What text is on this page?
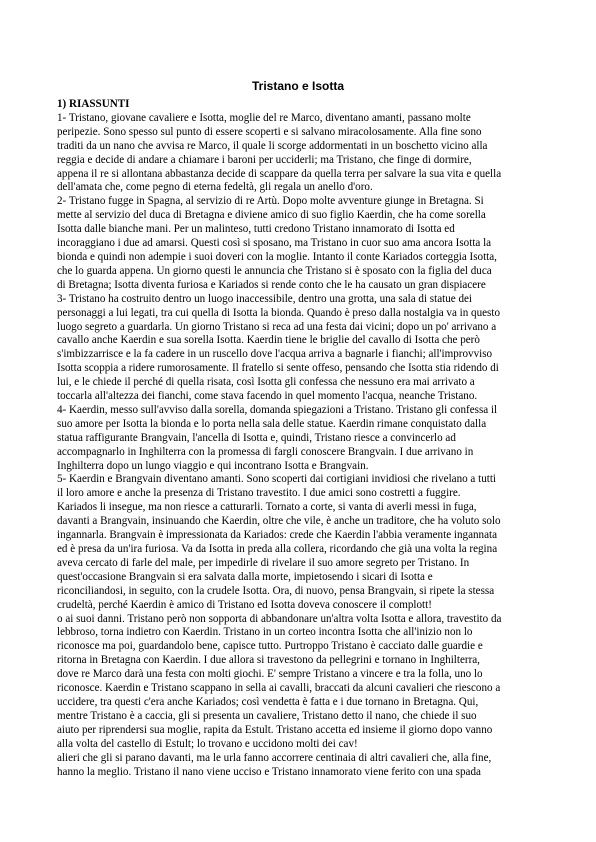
Tristano e Isotta
1) RIASSUNTI
1- Tristano, giovane cavaliere e Isotta, moglie del re Marco, diventano amanti, passano molte
peripezie. Sono spesso sul punto di essere scoperti e si salvano miracolosamente. Alla fine sono
traditi da un nano che avvisa re Marco, il quale li scorge addormentati in un boschetto vicino alla
reggia e decide di andare a chiamare i baroni per ucciderli; ma Tristano, che finge di dormire,
appena il re si allontana abbastanza decide di scappare da quella terra per salvare la sua vita e quella
dell'amata che, come pegno di eterna fedeltà, gli regala un anello d'oro.
2- Tristano fugge in Spagna, al servizio di re Artù. Dopo molte avventure giunge in Bretagna. Si
mette al servizio del duca di Bretagna e diviene amico di suo figlio Kaerdin, che ha come sorella
Isotta dalle bianche mani. Per un malinteso, tutti credono Tristano innamorato di Isotta ed
incoraggiano i due ad amarsi. Questi così si sposano, ma Tristano in cuor suo ama ancora Isotta la
bionda e quindi non adempie i suoi doveri con la moglie. Intanto il conte Kariados corteggia Isotta,
che lo guarda appena. Un giorno questi le annuncia che Tristano si è sposato con la figlia del duca
di Bretagna; Isotta diventa furiosa e Kariados si rende conto che le ha causato un gran dispiacere
3- Tristano ha costruito dentro un luogo inaccessibile, dentro una grotta, una sala di statue dei
personaggi a lui legati, tra cui quella di Isotta la bionda. Quando è preso dalla nostalgia va in questo
luogo segreto a guardarla. Un giorno Tristano si reca ad una festa dai vicini; dopo un po' arrivano a
cavallo anche Kaerdin e sua sorella Isotta. Kaerdin tiene le briglie del cavallo di Isotta che però
s'imbizzarrisce e la fa cadere in un ruscello dove l'acqua arriva a bagnarle i fianchi; all'improvviso
Isotta scoppia a ridere rumorosamente. Il fratello si sente offeso, pensando che Isotta stia ridendo di
lui, e le chiede il perché di quella risata, così Isotta gli confessa che nessuno era mai arrivato a
toccarla all'altezza dei fianchi, come stava facendo in quel momento l'acqua, neanche Tristano.
4- Kaerdin, messo sull'avviso dalla sorella, domanda spiegazioni a Tristano. Tristano gli confessa il
suo amore per Isotta la bionda e lo porta nella sala delle statue. Kaerdin rimane conquistato dalla
statua raffigurante Brangvain, l'ancella di Isotta e, quindi, Tristano riesce a convincerlo ad
accompagnarlo in Inghilterra con la promessa di fargli conoscere Brangvain. I due arrivano in
Inghilterra dopo un lungo viaggio e qui incontrano Isotta e Brangvain.
5- Kaerdin e Brangvain diventano amanti. Sono scoperti dai cortigiani invidiosi che rivelano a tutti
il loro amore e anche la presenza di Tristano travestito. I due amici sono costretti a fuggire.
Kariados li insegue, ma non riesce a catturarli. Tornato a corte, si vanta di averli messi in fuga,
davanti a Brangvain, insinuando che Kaerdin, oltre che vile, è anche un traditore, che ha voluto solo
ingannarla. Brangvain è impressionata da Kariados: crede che Kaerdin l'abbia veramente ingannata
ed è presa da un'ira furiosa. Va da Isotta in preda alla collera, ricordando che già una volta la regina
aveva cercato di farle del male, per impedirle di rivelare il suo amore segreto per Tristano. In
quest'occasione Brangvain si era salvata dalla morte, impietosendo i sicari di Isotta e
riconciliandosi, in seguito, con la crudele Isotta. Ora, di nuovo, pensa Brangvain, si ripete la stessa
crudeltà, perché Kaerdin è amico di Tristano ed Isotta doveva conoscere il complott!
o ai suoi danni. Tristano però non sopporta di abbandonare un'altra volta Isotta e allora, travestito da
lebbroso, torna indietro con Kaerdin. Tristano in un corteo incontra Isotta che all'inizio non lo
riconosce ma poi, guardandolo bene, capisce tutto. Purtroppo Tristano è cacciato dalle guardie e
ritorna in Bretagna con Kaerdin. I due allora si travestono da pellegrini e tornano in Inghilterra,
dove re Marco darà una festa con molti giochi. E' sempre Tristano a vincere e tra la folla, uno lo
riconosce. Kaerdin e Tristano scappano in sella ai cavalli, braccati da alcuni cavalieri che riescono a
uccidere, tra questi c'era anche Kariados; così vendetta è fatta e i due tornano in Bretagna. Qui,
mentre Tristano è a caccia, gli si presenta un cavaliere, Tristano detto il nano, che chiede il suo
aiuto per riprendersi sua moglie, rapita da Estult. Tristano accetta ed insieme il giorno dopo vanno
alla volta del castello di Estult; lo trovano e uccidono molti dei cav!
alieri che gli si parano davanti, ma le urla fanno accorrere centinaia di altri cavalieri che, alla fine,
hanno la meglio. Tristano il nano viene ucciso e Tristano innamorato viene ferito con una spada
